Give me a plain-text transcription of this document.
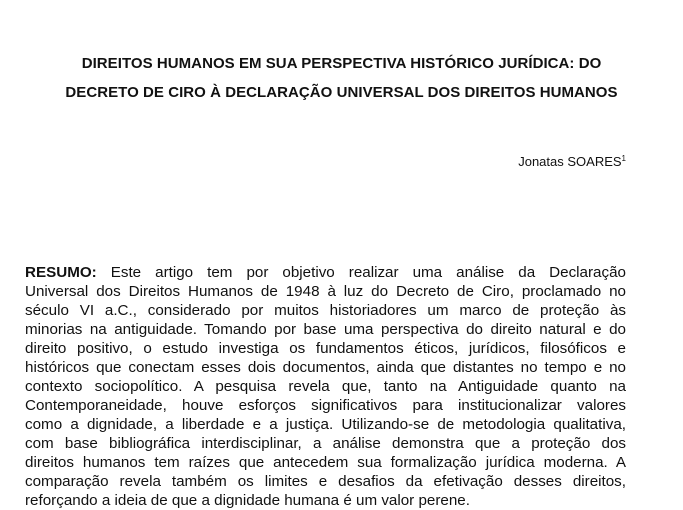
DIREITOS HUMANOS EM SUA PERSPECTIVA HISTÓRICO JURÍDICA: DO
DECRETO DE CIRO À DECLARAÇÃO UNIVERSAL DOS DIREITOS HUMANOS
Jonatas SOARES$^1$
RESUMO: Este artigo tem por objetivo realizar uma análise da Declaração
Universal dos Direitos Humanos de 1948 à luz do Decreto de Ciro, proclamado no
século VI a.C., considerado por muitos historiadores um marco de proteção às
minorias na antiguidade. Tomando por base uma perspectiva do direito natural e do
direito positivo, o estudo investiga os fundamentos éticos, jurídicos, filosóficos e
históricos que conectam esses dois documentos, ainda que distantes no tempo e no
contexto sociopolítico. A pesquisa revela que, tanto na Antiguidade quanto na
Contemporaneidade, houve esforços significativos para institucionalizar valores
como a dignidade, a liberdade e a justiça. Utilizando-se de metodologia qualitativa,
com base bibliográfica interdisciplinar, a análise demonstra que a proteção dos
direitos humanos tem raízes que antecedem sua formalização jurídica moderna. A
comparação revela também os limites e desafios da efetivação desses direitos,
reforçando a ideia de que a dignidade humana é um valor perene.
